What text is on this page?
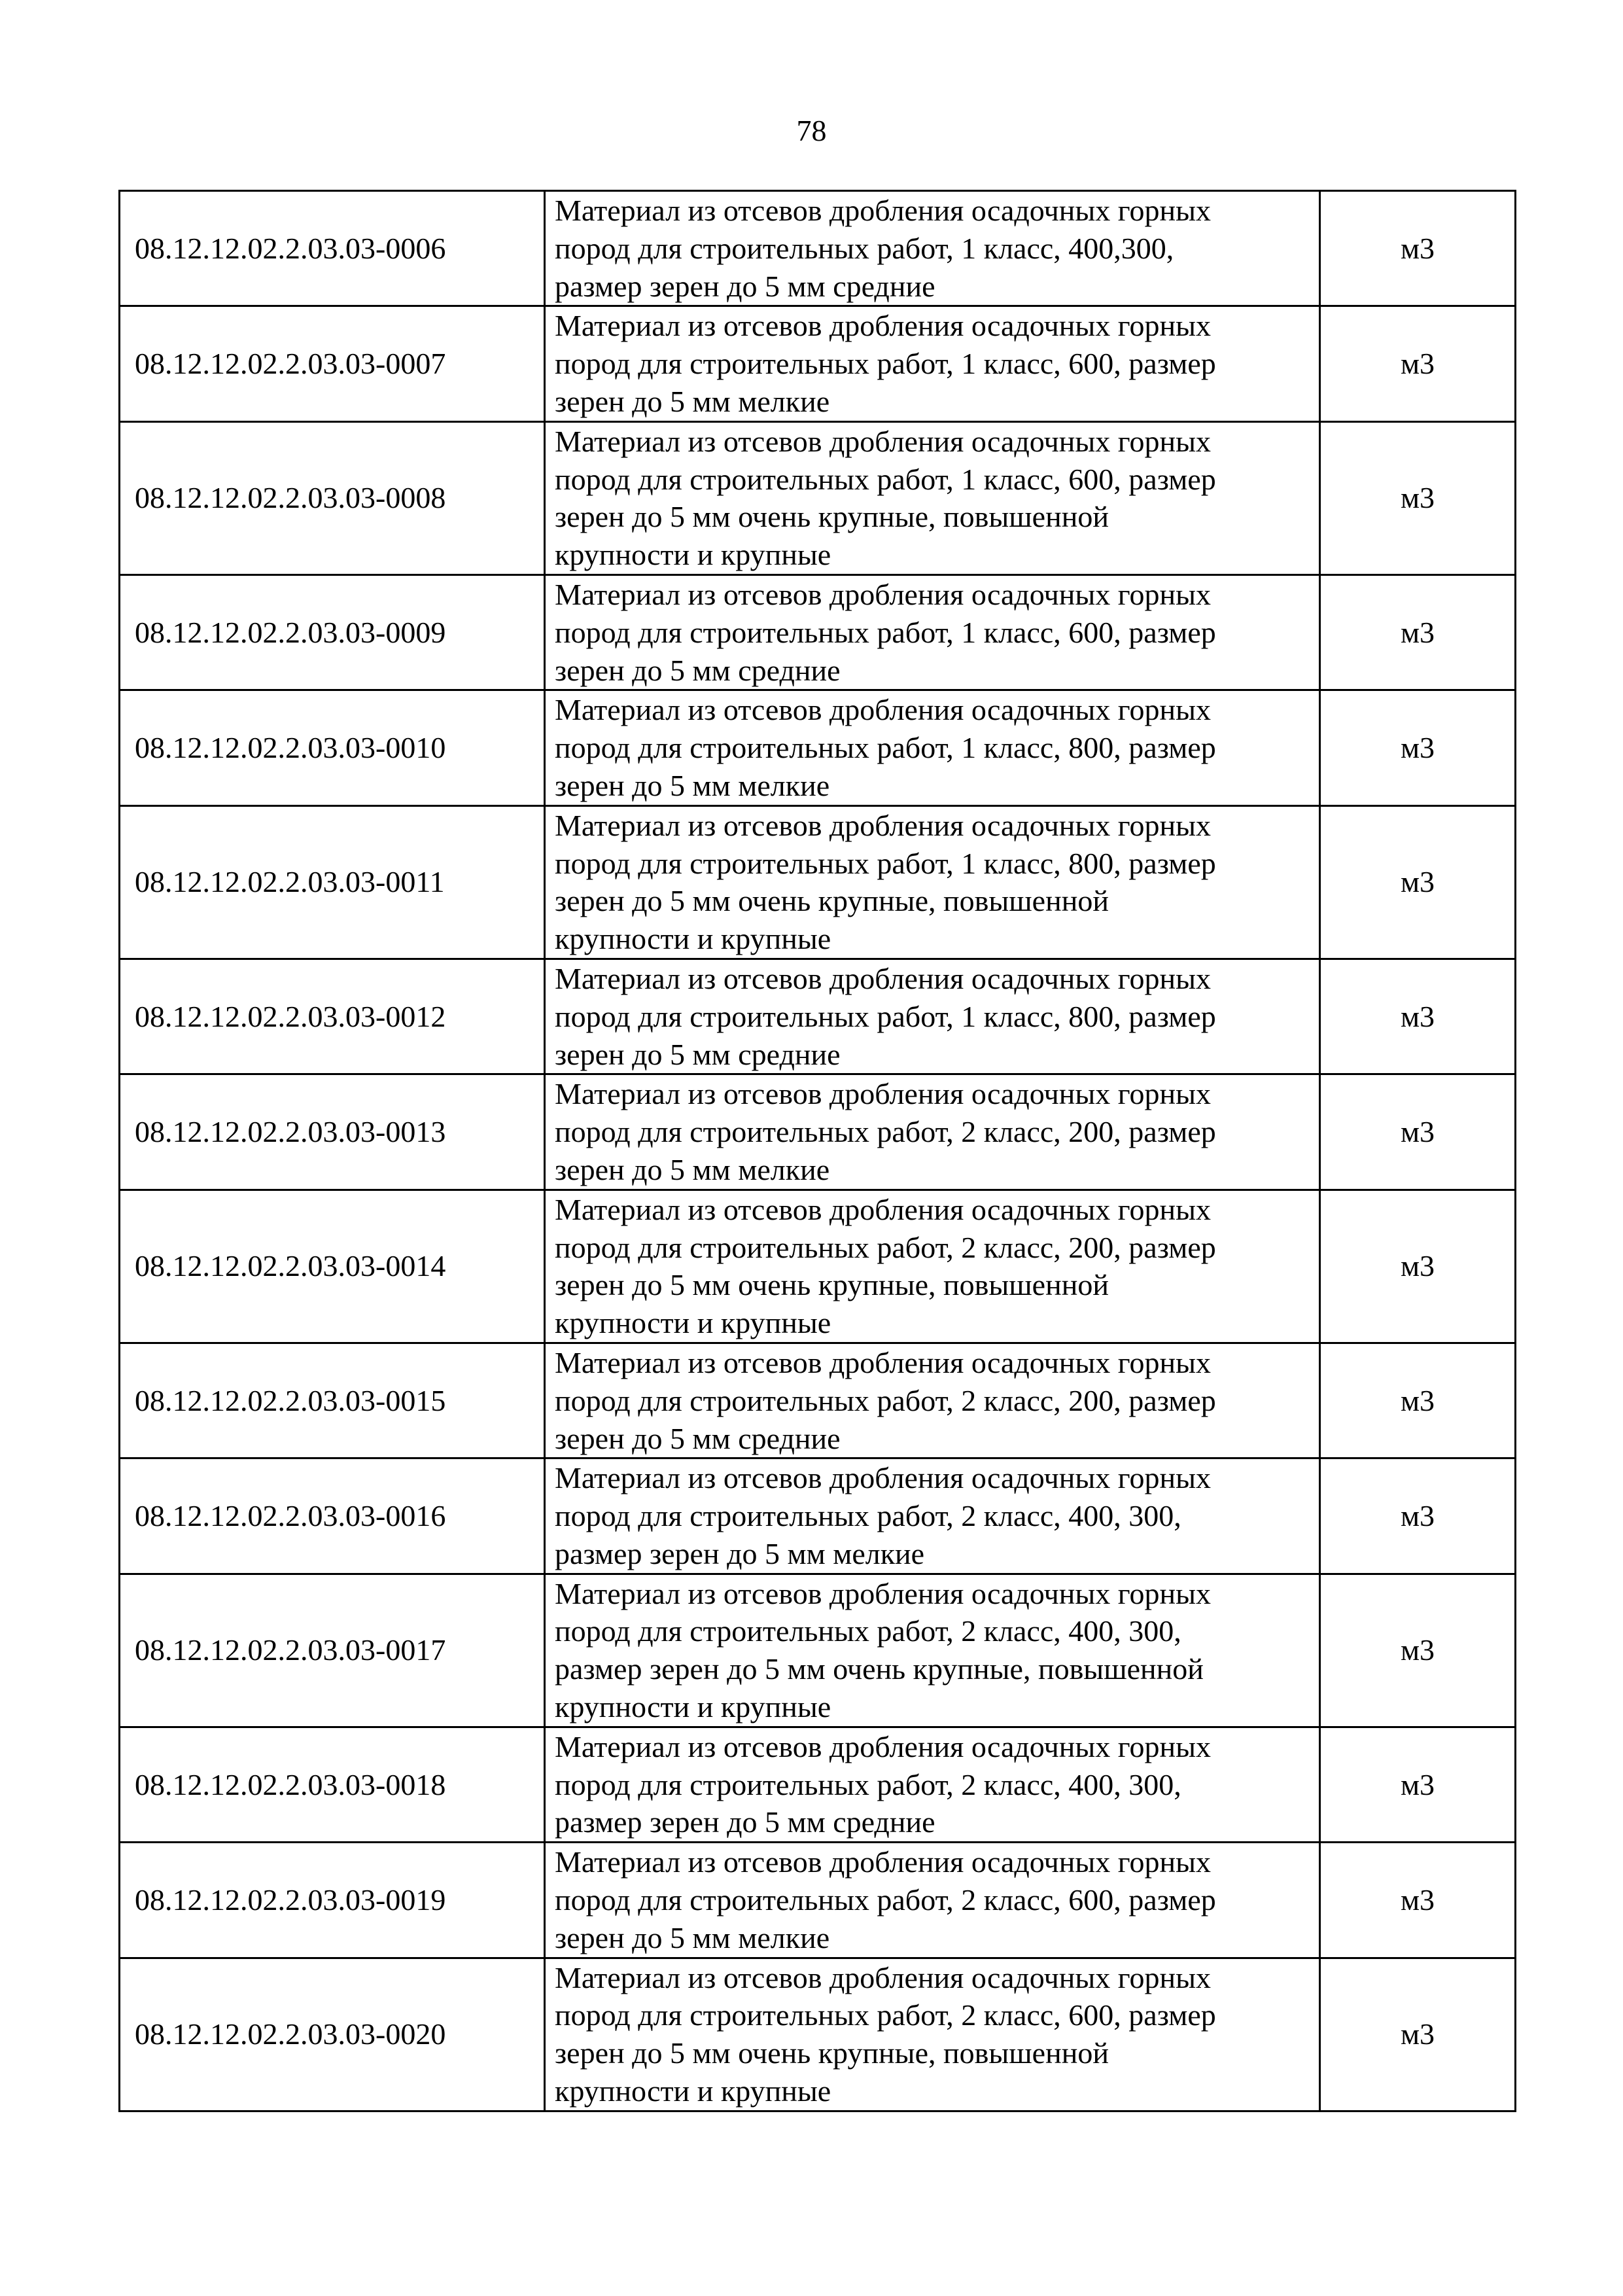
78
08.12.12.02.2.03.03-0006	Материал из отсевов дробления осадочных горных
пород для строительных работ, 1 класс, 400,300,
размер зерен до 5 мм средние	м3
08.12.12.02.2.03.03-0007	Материал из отсевов дробления осадочных горных
пород для строительных работ, 1 класс, 600, размер
зерен до 5 мм мелкие	м3
08.12.12.02.2.03.03-0008	Материал из отсевов дробления осадочных горных
пород для строительных работ, 1 класс, 600, размер
зерен до 5 мм очень крупные, повышенной
крупности и крупные	м3
08.12.12.02.2.03.03-0009	Материал из отсевов дробления осадочных горных
пород для строительных работ, 1 класс, 600, размер
зерен до 5 мм средние	м3
08.12.12.02.2.03.03-0010	Материал из отсевов дробления осадочных горных
пород для строительных работ, 1 класс, 800, размер
зерен до 5 мм мелкие	м3
08.12.12.02.2.03.03-0011	Материал из отсевов дробления осадочных горных
пород для строительных работ, 1 класс, 800, размер
зерен до 5 мм очень крупные, повышенной
крупности и крупные	м3
08.12.12.02.2.03.03-0012	Материал из отсевов дробления осадочных горных
пород для строительных работ, 1 класс, 800, размер
зерен до 5 мм средние	м3
08.12.12.02.2.03.03-0013	Материал из отсевов дробления осадочных горных
пород для строительных работ, 2 класс, 200, размер
зерен до 5 мм мелкие	м3
08.12.12.02.2.03.03-0014	Материал из отсевов дробления осадочных горных
пород для строительных работ, 2 класс, 200, размер
зерен до 5 мм очень крупные, повышенной
крупности и крупные	м3
08.12.12.02.2.03.03-0015	Материал из отсевов дробления осадочных горных
пород для строительных работ, 2 класс, 200, размер
зерен до 5 мм средние	м3
08.12.12.02.2.03.03-0016	Материал из отсевов дробления осадочных горных
пород для строительных работ, 2 класс, 400, 300,
размер зерен до 5 мм мелкие	м3
08.12.12.02.2.03.03-0017	Материал из отсевов дробления осадочных горных
пород для строительных работ, 2 класс, 400, 300,
размер зерен до 5 мм очень крупные, повышенной
крупности и крупные	м3
08.12.12.02.2.03.03-0018	Материал из отсевов дробления осадочных горных
пород для строительных работ, 2 класс, 400, 300,
размер зерен до 5 мм средние	м3
08.12.12.02.2.03.03-0019	Материал из отсевов дробления осадочных горных
пород для строительных работ, 2 класс, 600, размер
зерен до 5 мм мелкие	м3
08.12.12.02.2.03.03-0020	Материал из отсевов дробления осадочных горных
пород для строительных работ, 2 класс, 600, размер
зерен до 5 мм очень крупные, повышенной
крупности и крупные	м3
